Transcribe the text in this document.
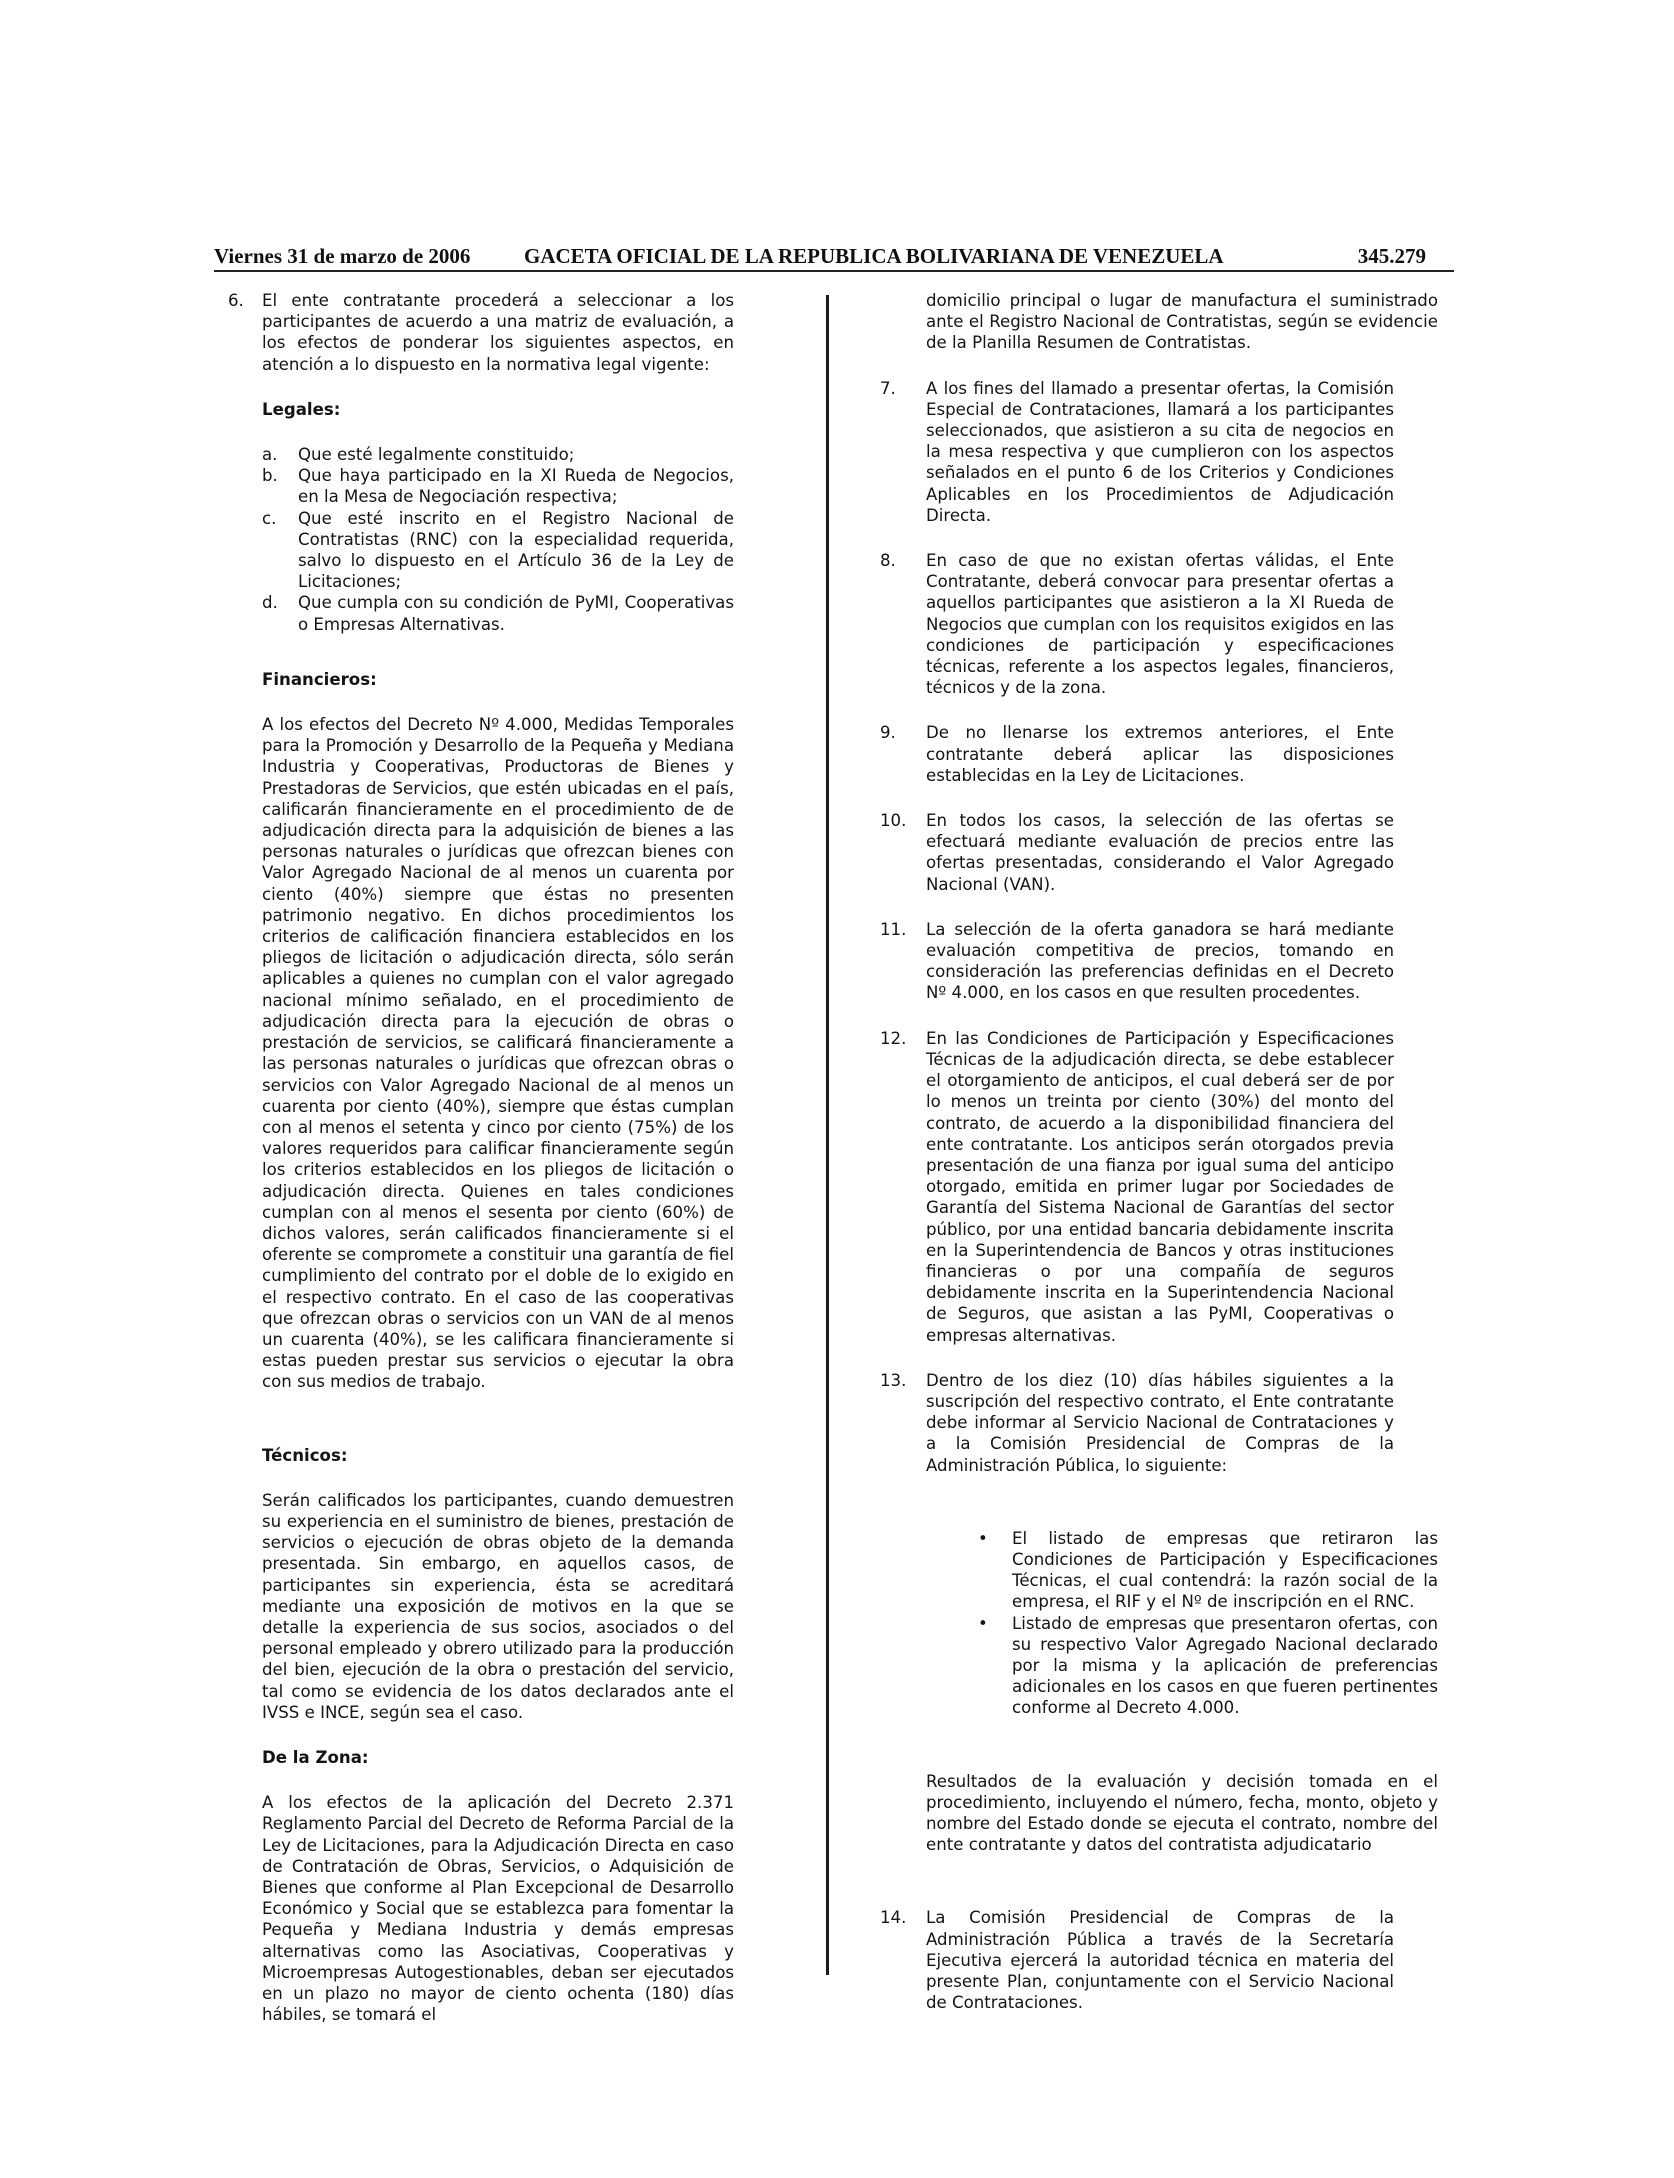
Viernes 31 de marzo de 2006	GACETA OFICIAL DE LA REPUBLICA BOLIVARIANA DE VENEZUELA	345.279
6. El ente contratante procederá a seleccionar a los participantes de acuerdo a una matriz de evaluación, a los efectos de ponderar los siguientes aspectos, en atención a lo dispuesto en la normativa legal vigente:
Legales:
a. Que esté legalmente constituido;
b. Que haya participado en la XI Rueda de Negocios, en la Mesa de Negociación respectiva;
c. Que esté inscrito en el Registro Nacional de Contratistas (RNC) con la especialidad requerida, salvo lo dispuesto en el Artículo 36 de la Ley de Licitaciones;
d. Que cumpla con su condición de PyMI, Cooperativas o Empresas Alternativas.
Financieros:
A los efectos del Decreto Nº 4.000, Medidas Temporales para la Promoción y Desarrollo de la Pequeña y Mediana Industria y Cooperativas, Productoras de Bienes y Prestadoras de Servicios, que estén ubicadas en el país, calificarán financieramente en el procedimiento de de adjudicación directa para la adquisición de bienes a las personas naturales o jurídicas que ofrezcan bienes con Valor Agregado Nacional de al menos un cuarenta por ciento (40%) siempre que éstas no presenten patrimonio negativo. En dichos procedimientos los criterios de calificación financiera establecidos en los pliegos de licitación o adjudicación directa, sólo serán aplicables a quienes no cumplan con el valor agregado nacional mínimo señalado, en el procedimiento de adjudicación directa para la ejecución de obras o prestación de servicios, se calificará financieramente a las personas naturales o jurídicas que ofrezcan obras o servicios con Valor Agregado Nacional de al menos un cuarenta por ciento (40%), siempre que éstas cumplan con al menos el setenta y cinco por ciento (75%) de los valores requeridos para calificar financieramente según los criterios establecidos en los pliegos de licitación o adjudicación directa. Quienes en tales condiciones cumplan con al menos el sesenta por ciento (60%) de dichos valores, serán calificados financieramente si el oferente se compromete a constituir una garantía de fiel cumplimiento del contrato por el doble de lo exigido en el respectivo contrato. En el caso de las cooperativas que ofrezcan obras o servicios con un VAN de al menos un cuarenta (40%), se les calificara financieramente si estas pueden prestar sus servicios o ejecutar la obra con sus medios de trabajo.
Técnicos:
Serán calificados los participantes, cuando demuestren su experiencia en el suministro de bienes, prestación de servicios o ejecución de obras objeto de la demanda presentada. Sin embargo, en aquellos casos, de participantes sin experiencia, ésta se acreditará mediante una exposición de motivos en la que se detalle la experiencia de sus socios, asociados o del personal empleado y obrero utilizado para la producción del bien, ejecución de la obra o prestación del servicio, tal como se evidencia de los datos declarados ante el IVSS e INCE, según sea el caso.
De la Zona:
A los efectos de la aplicación del Decreto 2.371 Reglamento Parcial del Decreto de Reforma Parcial de la Ley de Licitaciones, para la Adjudicación Directa en caso de Contratación de Obras, Servicios, o Adquisición de Bienes que conforme al Plan Excepcional de Desarrollo Económico y Social que se establezca para fomentar la Pequeña y Mediana Industria y demás empresas alternativas como las Asociativas, Cooperativas y Microempresas Autogestionables, deban ser ejecutados en un plazo no mayor de ciento ochenta (180) días hábiles, se tomará el
domicilio principal o lugar de manufactura el suministrado ante el Registro Nacional de Contratistas, según se evidencie de la Planilla Resumen de Contratistas.
7. A los fines del llamado a presentar ofertas, la Comisión Especial de Contrataciones, llamará a los participantes seleccionados, que asistieron a su cita de negocios en la mesa respectiva y que cumplieron con los aspectos señalados en el punto 6 de los Criterios y Condiciones Aplicables en los Procedimientos de Adjudicación Directa.
8. En caso de que no existan ofertas válidas, el Ente Contratante, deberá convocar para presentar ofertas a aquellos participantes que asistieron a la XI Rueda de Negocios que cumplan con los requisitos exigidos en las condiciones de participación y especificaciones técnicas, referente a los aspectos legales, financieros, técnicos y de la zona.
9. De no llenarse los extremos anteriores, el Ente contratante deberá aplicar las disposiciones establecidas en la Ley de Licitaciones.
10. En todos los casos, la selección de las ofertas se efectuará mediante evaluación de precios entre las ofertas presentadas, considerando el Valor Agregado Nacional (VAN).
11. La selección de la oferta ganadora se hará mediante evaluación competitiva de precios, tomando en consideración las preferencias definidas en el Decreto Nº 4.000, en los casos en que resulten procedentes.
12. En las Condiciones de Participación y Especificaciones Técnicas de la adjudicación directa, se debe establecer el otorgamiento de anticipos, el cual deberá ser de por lo menos un treinta por ciento (30%) del monto del contrato, de acuerdo a la disponibilidad financiera del ente contratante. Los anticipos serán otorgados previa presentación de una fianza por igual suma del anticipo otorgado, emitida en primer lugar por Sociedades de Garantía del Sistema Nacional de Garantías del sector público, por una entidad bancaria debidamente inscrita en la Superintendencia de Bancos y otras instituciones financieras o por una compañía de seguros debidamente inscrita en la Superintendencia Nacional de Seguros, que asistan a las PyMI, Cooperativas o empresas alternativas.
13. Dentro de los diez (10) días hábiles siguientes a la suscripción del respectivo contrato, el Ente contratante debe informar al Servicio Nacional de Contrataciones y a la Comisión Presidencial de Compras de la Administración Pública, lo siguiente:
• El listado de empresas que retiraron las Condiciones de Participación y Especificaciones Técnicas, el cual contendrá: la razón social de la empresa, el RIF y el Nº de inscripción en el RNC.
• Listado de empresas que presentaron ofertas, con su respectivo Valor Agregado Nacional declarado por la misma y la aplicación de preferencias adicionales en los casos en que fueren pertinentes conforme al Decreto 4.000.
Resultados de la evaluación y decisión tomada en el procedimiento, incluyendo el número, fecha, monto, objeto y nombre del Estado donde se ejecuta el contrato, nombre del ente contratante y datos del contratista adjudicatario
14. La Comisión Presidencial de Compras de la Administración Pública a través de la Secretaría Ejecutiva ejercerá la autoridad técnica en materia del presente Plan, conjuntamente con el Servicio Nacional de Contrataciones.
